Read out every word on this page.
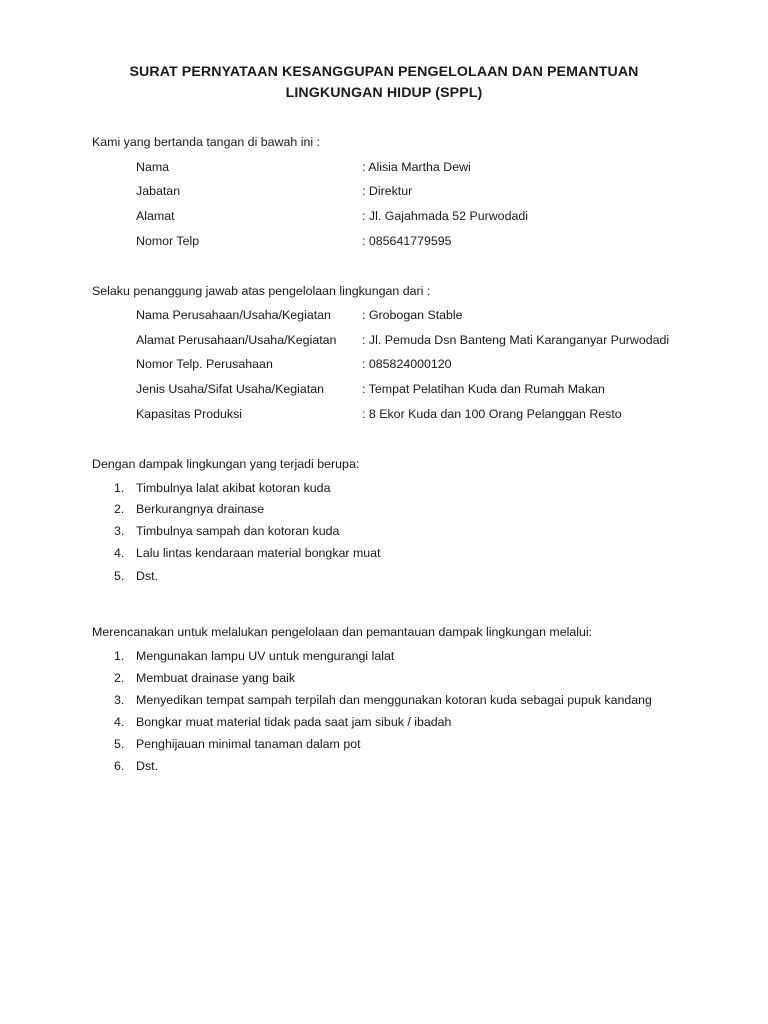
SURAT PERNYATAAN KESANGGUPAN PENGELOLAAN DAN PEMANTUAN
LINGKUNGAN HIDUP (SPPL)
Kami yang bertanda tangan di bawah ini :
Nama	: Alisia Martha Dewi
Jabatan	: Direktur
Alamat	: Jl. Gajahmada 52 Purwodadi
Nomor Telp	: 085641779595
Selaku penanggung jawab atas pengelolaan lingkungan dari :
Nama Perusahaan/Usaha/Kegiatan	: Grobogan Stable
Alamat Perusahaan/Usaha/Kegiatan : Jl. Pemuda Dsn Banteng Mati Karanganyar Purwodadi
Nomor Telp. Perusahaan	: 085824000120
Jenis Usaha/Sifat Usaha/Kegiatan	: Tempat Pelatihan Kuda dan Rumah Makan
Kapasitas Produksi	: 8 Ekor Kuda dan 100 Orang Pelanggan Resto
Dengan dampak lingkungan yang terjadi berupa:
1. Timbulnya lalat akibat kotoran kuda
2. Berkurangnya drainase
3. Timbulnya sampah dan kotoran kuda
4. Lalu lintas kendaraan material bongkar muat
5. Dst.
Merencanakan untuk melalukan pengelolaan dan pemantauan dampak lingkungan melalui:
1. Mengunakan lampu UV untuk mengurangi lalat
2. Membuat drainase yang baik
3. Menyedikan tempat sampah terpilah dan menggunakan kotoran kuda sebagai pupuk kandang
4. Bongkar muat material tidak pada saat jam sibuk / ibadah
5. Penghijauan minimal tanaman dalam pot
6. Dst.
